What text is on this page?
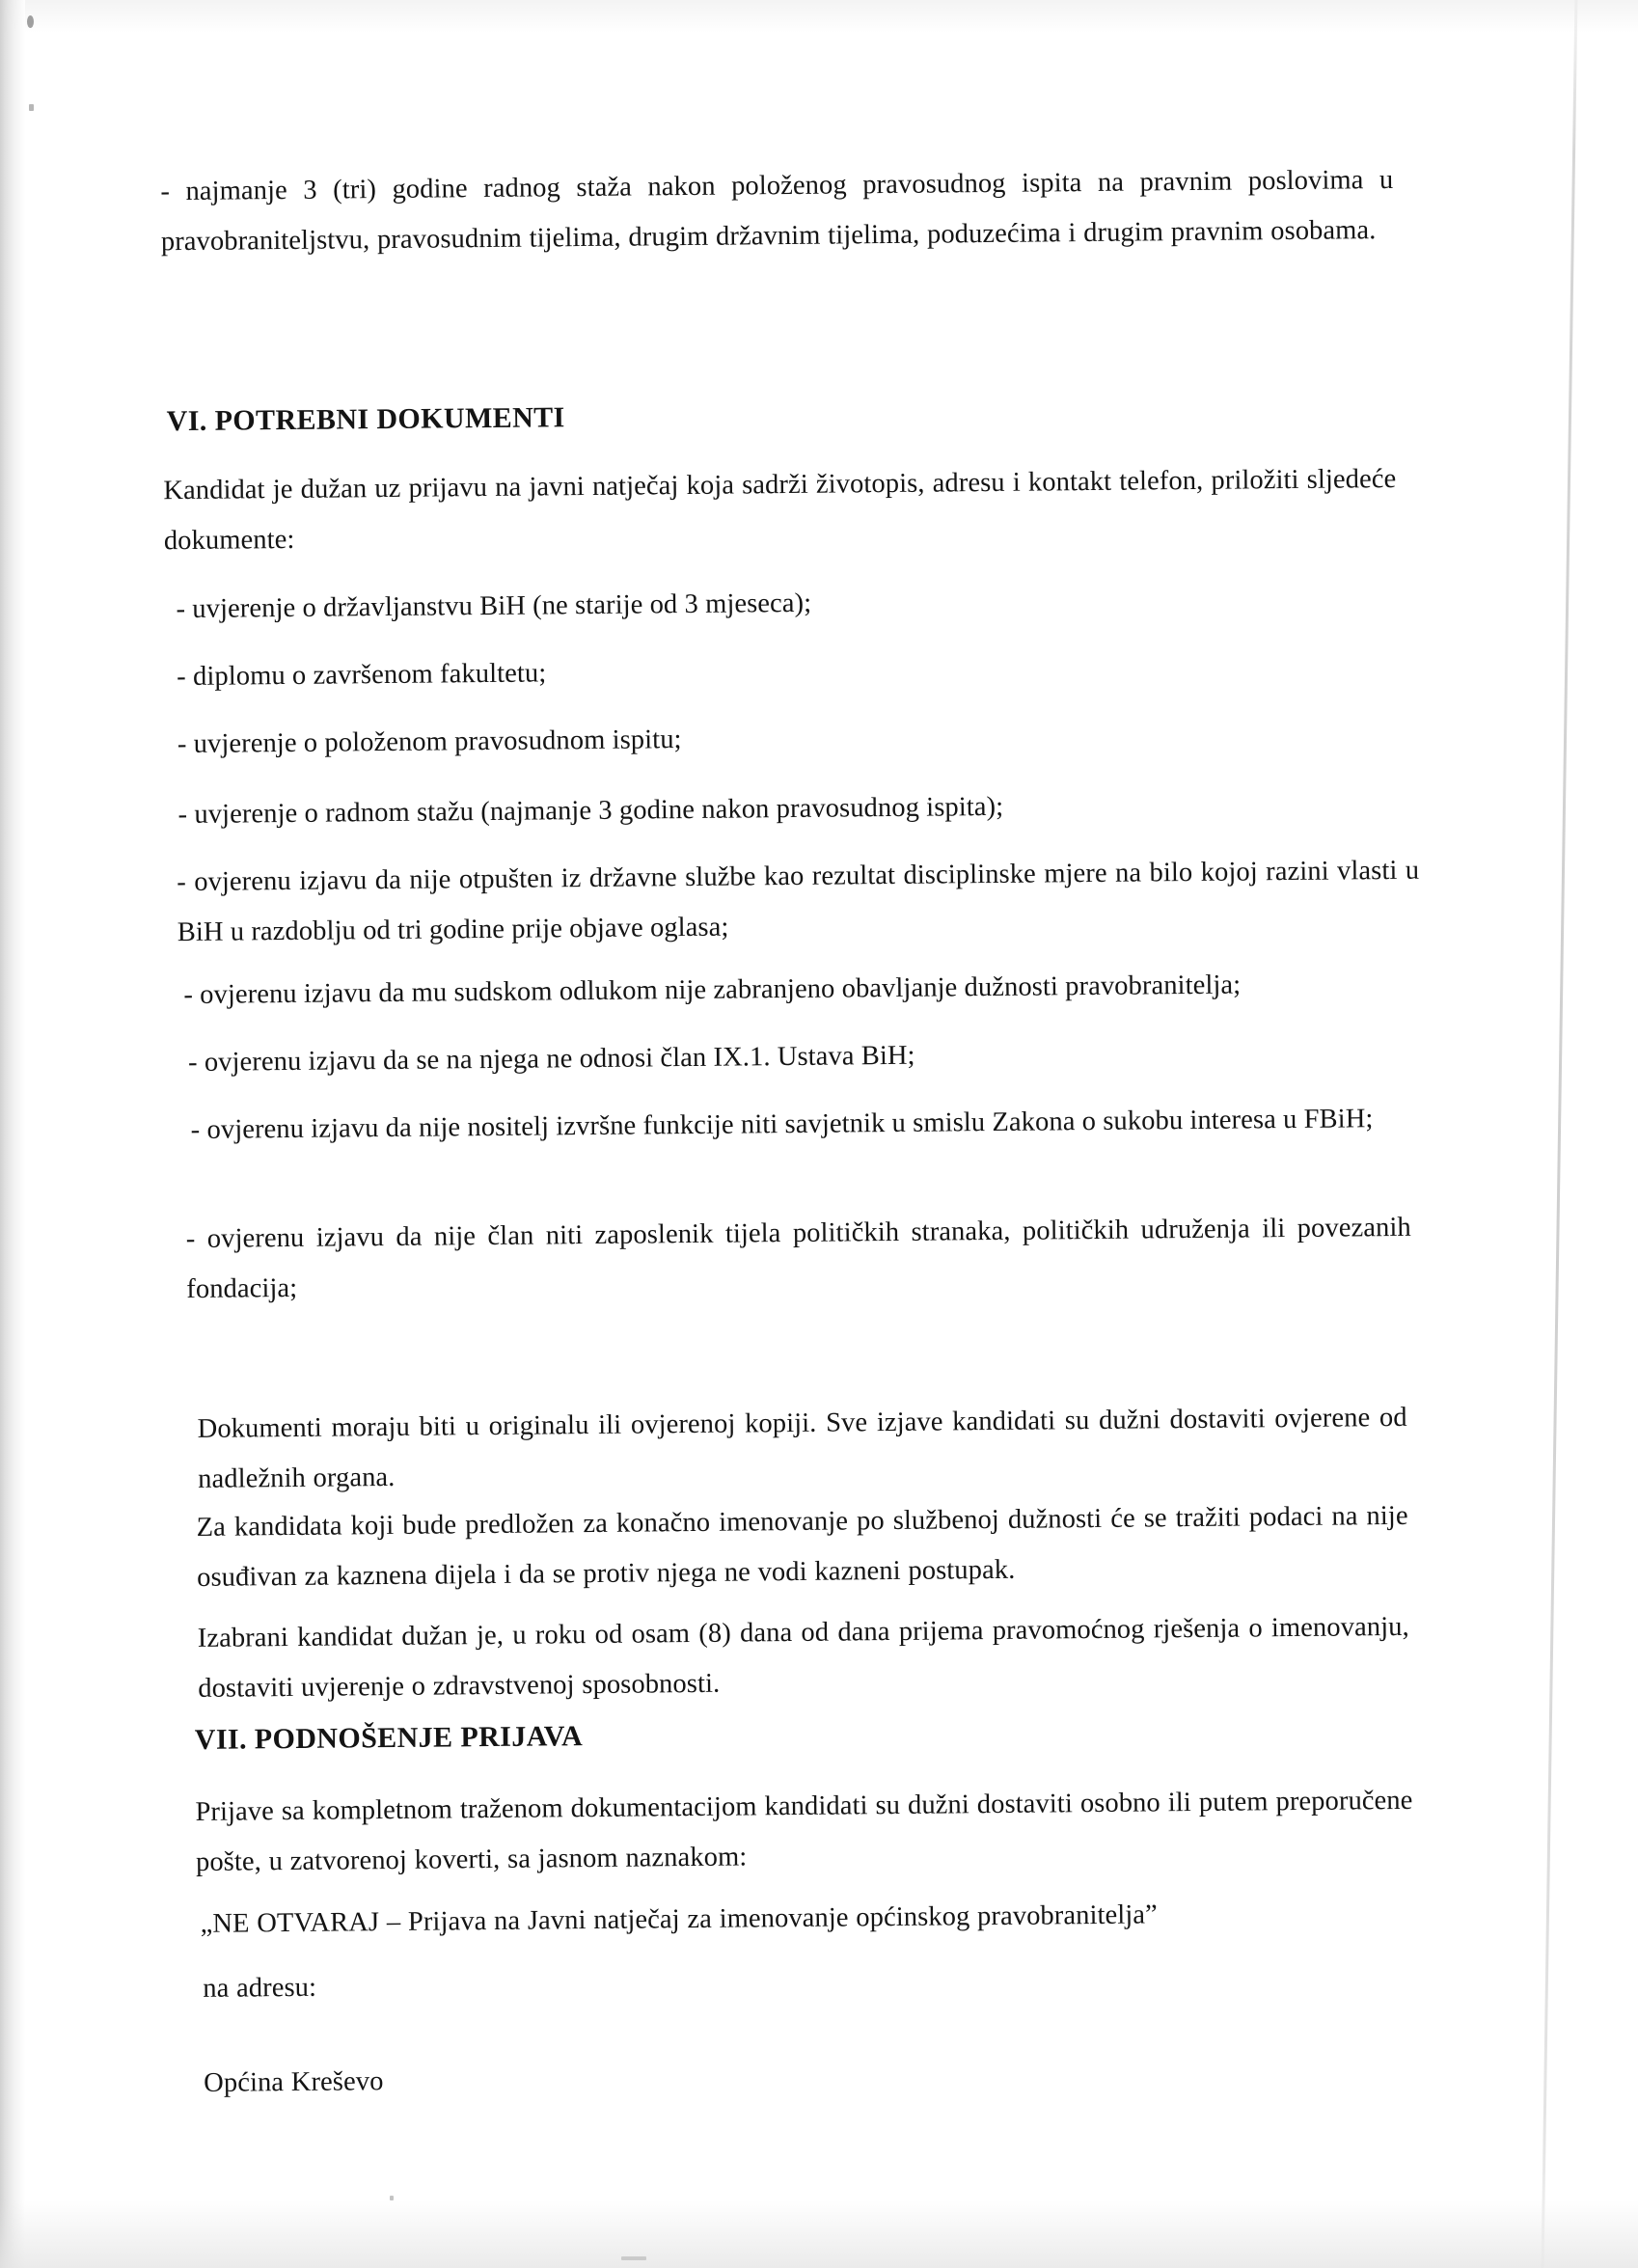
- najmanje 3 (tri) godine radnog staža nakon položenog pravosudnog ispita na pravnim poslovima u pravobraniteljstvu, pravosudnim tijelima, drugim državnim tijelima, poduzećima i drugim pravnim osobama.
VI. POTREBNI DOKUMENTI
Kandidat je dužan uz prijavu na javni natječaj koja sadrži životopis, adresu i kontakt telefon, priložiti sljedeće dokumente:
- uvjerenje o državljanstvu BiH (ne starije od 3 mjeseca);
- diplomu o završenom fakultetu;
- uvjerenje o položenom pravosudnom ispitu;
- uvjerenje o radnom stažu (najmanje 3 godine nakon pravosudnog ispita);
- ovjerenu izjavu da nije otpušten iz državne službe kao rezultat disciplinske mjere na bilo kojoj razini vlasti u BiH u razdoblju od tri godine prije objave oglasa;
- ovjerenu izjavu da mu sudskom odlukom nije zabranjeno obavljanje dužnosti pravobranitelja;
- ovjerenu izjavu da se na njega ne odnosi član IX.1. Ustava BiH;
- ovjerenu izjavu da nije nositelj izvršne funkcije niti savjetnik u smislu Zakona o sukobu interesa u FBiH;
- ovjerenu izjavu da nije član niti zaposlenik tijela političkih stranaka, političkih udruženja ili povezanih fondacija;
Dokumenti moraju biti u originalu ili ovjerenoj kopiji. Sve izjave kandidati su dužni dostaviti ovjerene od nadležnih organa.
Za kandidata koji bude predložen za konačno imenovanje po službenoj dužnosti će se tražiti podaci na nije osuđivan za kaznena dijela i da se protiv njega ne vodi kazneni postupak.
Izabrani kandidat dužan je, u roku od osam (8) dana od dana prijema pravomoćnog rješenja o imenovanju, dostaviti uvjerenje o zdravstvenoj sposobnosti.
VII. PODNOŠENJE PRIJAVA
Prijave sa kompletnom traženom dokumentacijom kandidati su dužni dostaviti osobno ili putem preporučene pošte, u zatvorenoj koverti, sa jasnom naznakom:
„NE OTVARAJ – Prijava na Javni natječaj za imenovanje općinskog pravobranitelja”
na adresu:
Općina Kreševo
